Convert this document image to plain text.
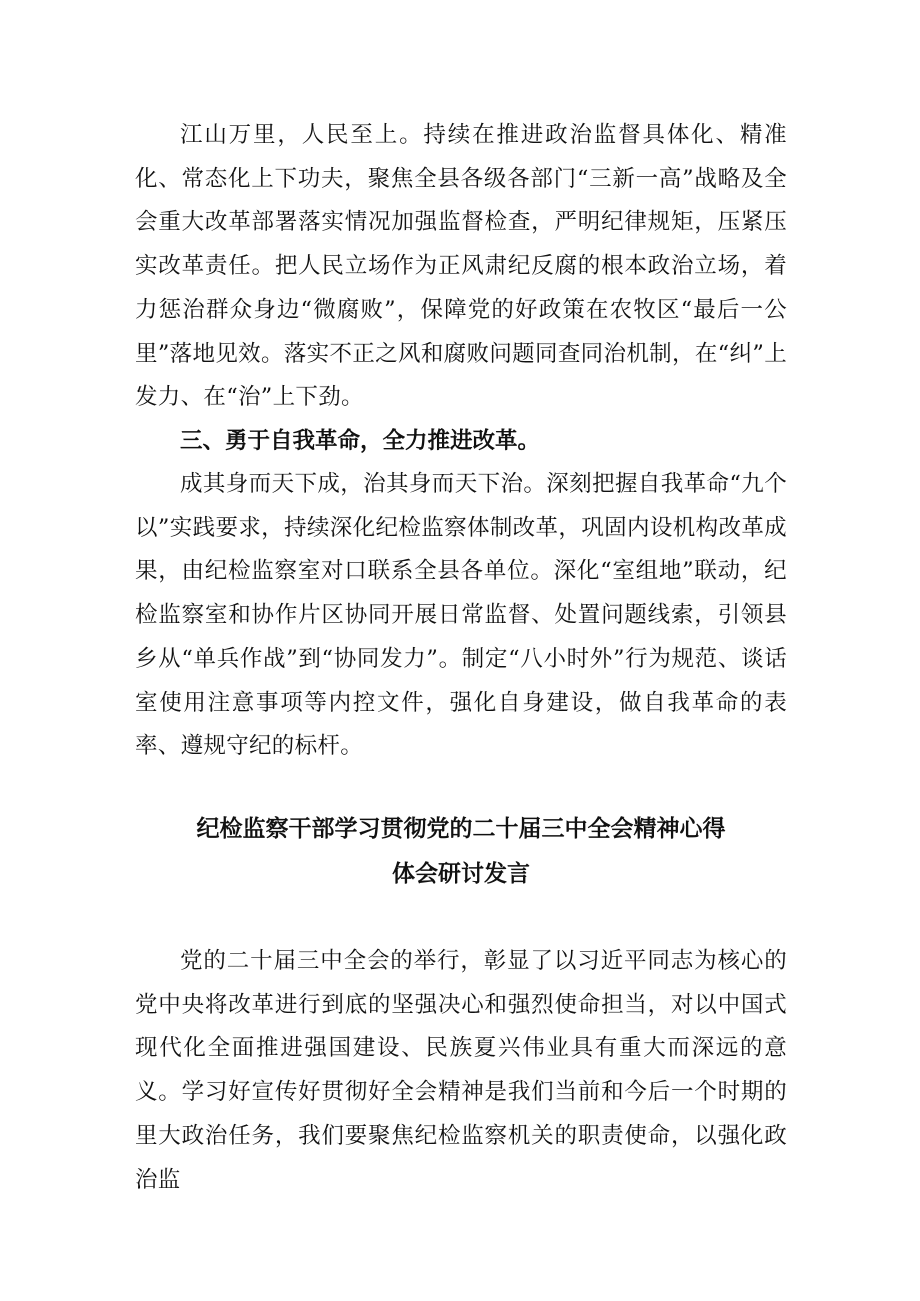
江山万里，人民至上。持续在推进政治监督具体化、精准化、常态化上下功夫，聚焦全县各级各部门“三新一高”战略及全会重大改革部署落实情况加强监督检查，严明纪律规矩，压紧压实改革责任。把人民立场作为正风肃纪反腐的根本政治立场，着力惩治群众身边“微腐败”，保障党的好政策在农牧区“最后一公里”落地见效。落实不正之风和腐败问题同查同治机制，在“纠”上发力、在“治”上下劲。

三、勇于自我革命，全力推进改革。

成其身而天下成，治其身而天下治。深刻把握自我革命“九个以”实践要求，持续深化纪检监察体制改革，巩固内设机构改革成果，由纪检监察室对口联系全县各单位。深化“室组地”联动，纪检监察室和协作片区协同开展日常监督、处置问题线索，引领县乡从“单兵作战”到“协同发力”。制定“八小时外”行为规范、谈话室使用注意事项等内控文件，强化自身建设，做自我革命的表率、遵规守纪的标杆。

纪检监察干部学习贯彻党的二十届三中全会精神心得
体会研讨发言

党的二十届三中全会的举行，彰显了以习近平同志为核心的党中央将改革进行到底的坚强决心和强烈使命担当，对以中国式现代化全面推进强国建设、民族夏兴伟业具有重大而深远的意义。学习好宣传好贯彻好全会精神是我们当前和今后一个时期的里大政治任务，我们要聚焦纪检监察机关的职责使命，以强化政治监
